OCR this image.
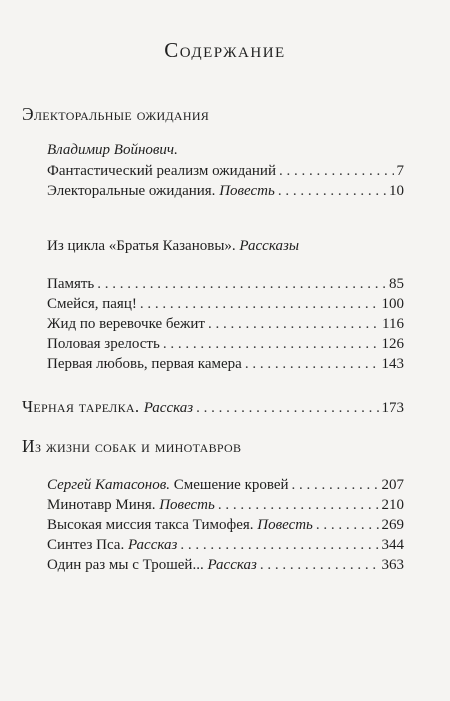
Содержание
Электоральные ожидания
Владимир Войнович.
Фантастический реализм ожиданий . . .	7
Электоральные ожидания. Повесть . . .	10
Из цикла «Братья Казановы». Рассказы
Память . . .	85
Смейся, паяц! . . .	100
Жид по веревочке бежит . . .	116
Половая зрелость . . .	126
Первая любовь, первая камера . . .	143
Черная тарелка. Рассказ . . .	173
Из жизни собак и минотавров
Сергей Катасонов. Смешение кровей . . .	207
Минотавр Миня. Повесть . . .	210
Высокая миссия такса Тимофея. Повесть . . .	269
Синтез Пса. Рассказ . . .	344
Один раз мы с Трошей... Рассказ . . .	363
